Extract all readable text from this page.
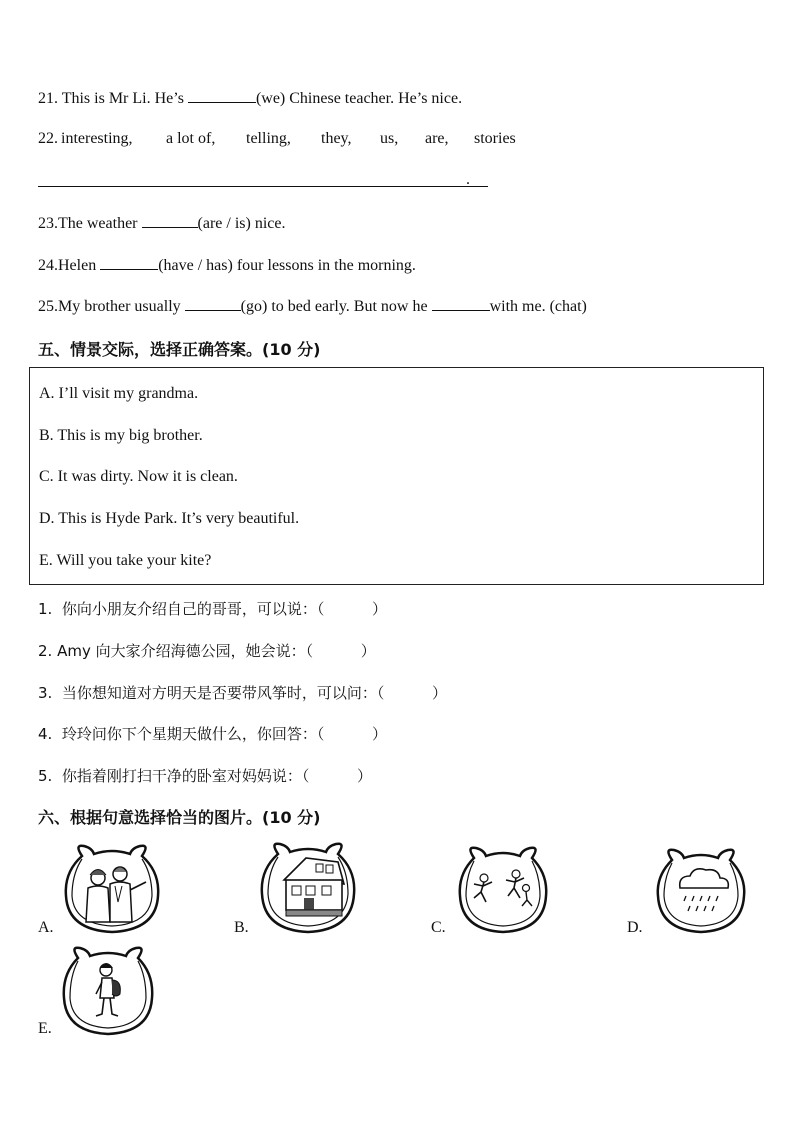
21. This is Mr Li. He’s	(we) Chinese teacher. He’s nice.
22. interesting, a lot of, telling, they, us, are, stories
.
23.The weather	(are / is) nice.
24.Helen	(have / has) four lessons in the morning.
25.My brother usually	(go) to bed early. But now he	with me. (chat)
五、情景交际，选择正确答案。(10 分)
A. I’ll visit my grandma.
B. This is my big brother.
C. It was dirty. Now it is clean.
D. This is Hyde Park. It’s very beautiful.
E. Will you take your kite?
1.  你向小朋友介绍自己的哥哥，可以说：（          ）
2. Amy 向大家介绍海德公园，她会说：（          ）
3.  当你想知道对方明天是否要带风筝时，可以问：（          ）
4.  玲玲问你下个星期天做什么，你回答：（          ）
5.  你指着刚打扫干净的卧室对妈妈说：（          ）
六、根据句意选择恰当的图片。(10 分)
A.	B.	C.	D.
E.
